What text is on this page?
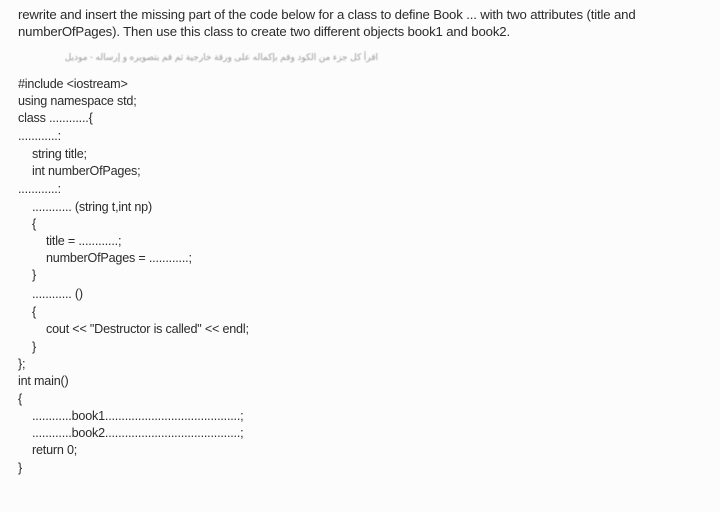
rewrite and insert the missing part of the code below for a class to define Book ... with two attributes (title and numberOfPages). Then use this class to create two different objects book1 and book2.
اقرأ كل جزء من الكود وقم بإكماله على ورقة خارجية ثم قم بتصويره و إرساله - موديل
#include <iostream>
using namespace std;
class ............{
............:
string title;
int numberOfPages;
............:
............ (string t,int np)
{
title = ............;
numberOfPages = ............;
}
............ ()
{
cout << "Destructor is called" << endl;
}
};
int main()
{
............book1.........................................;
............book2.........................................;
return 0;
}
